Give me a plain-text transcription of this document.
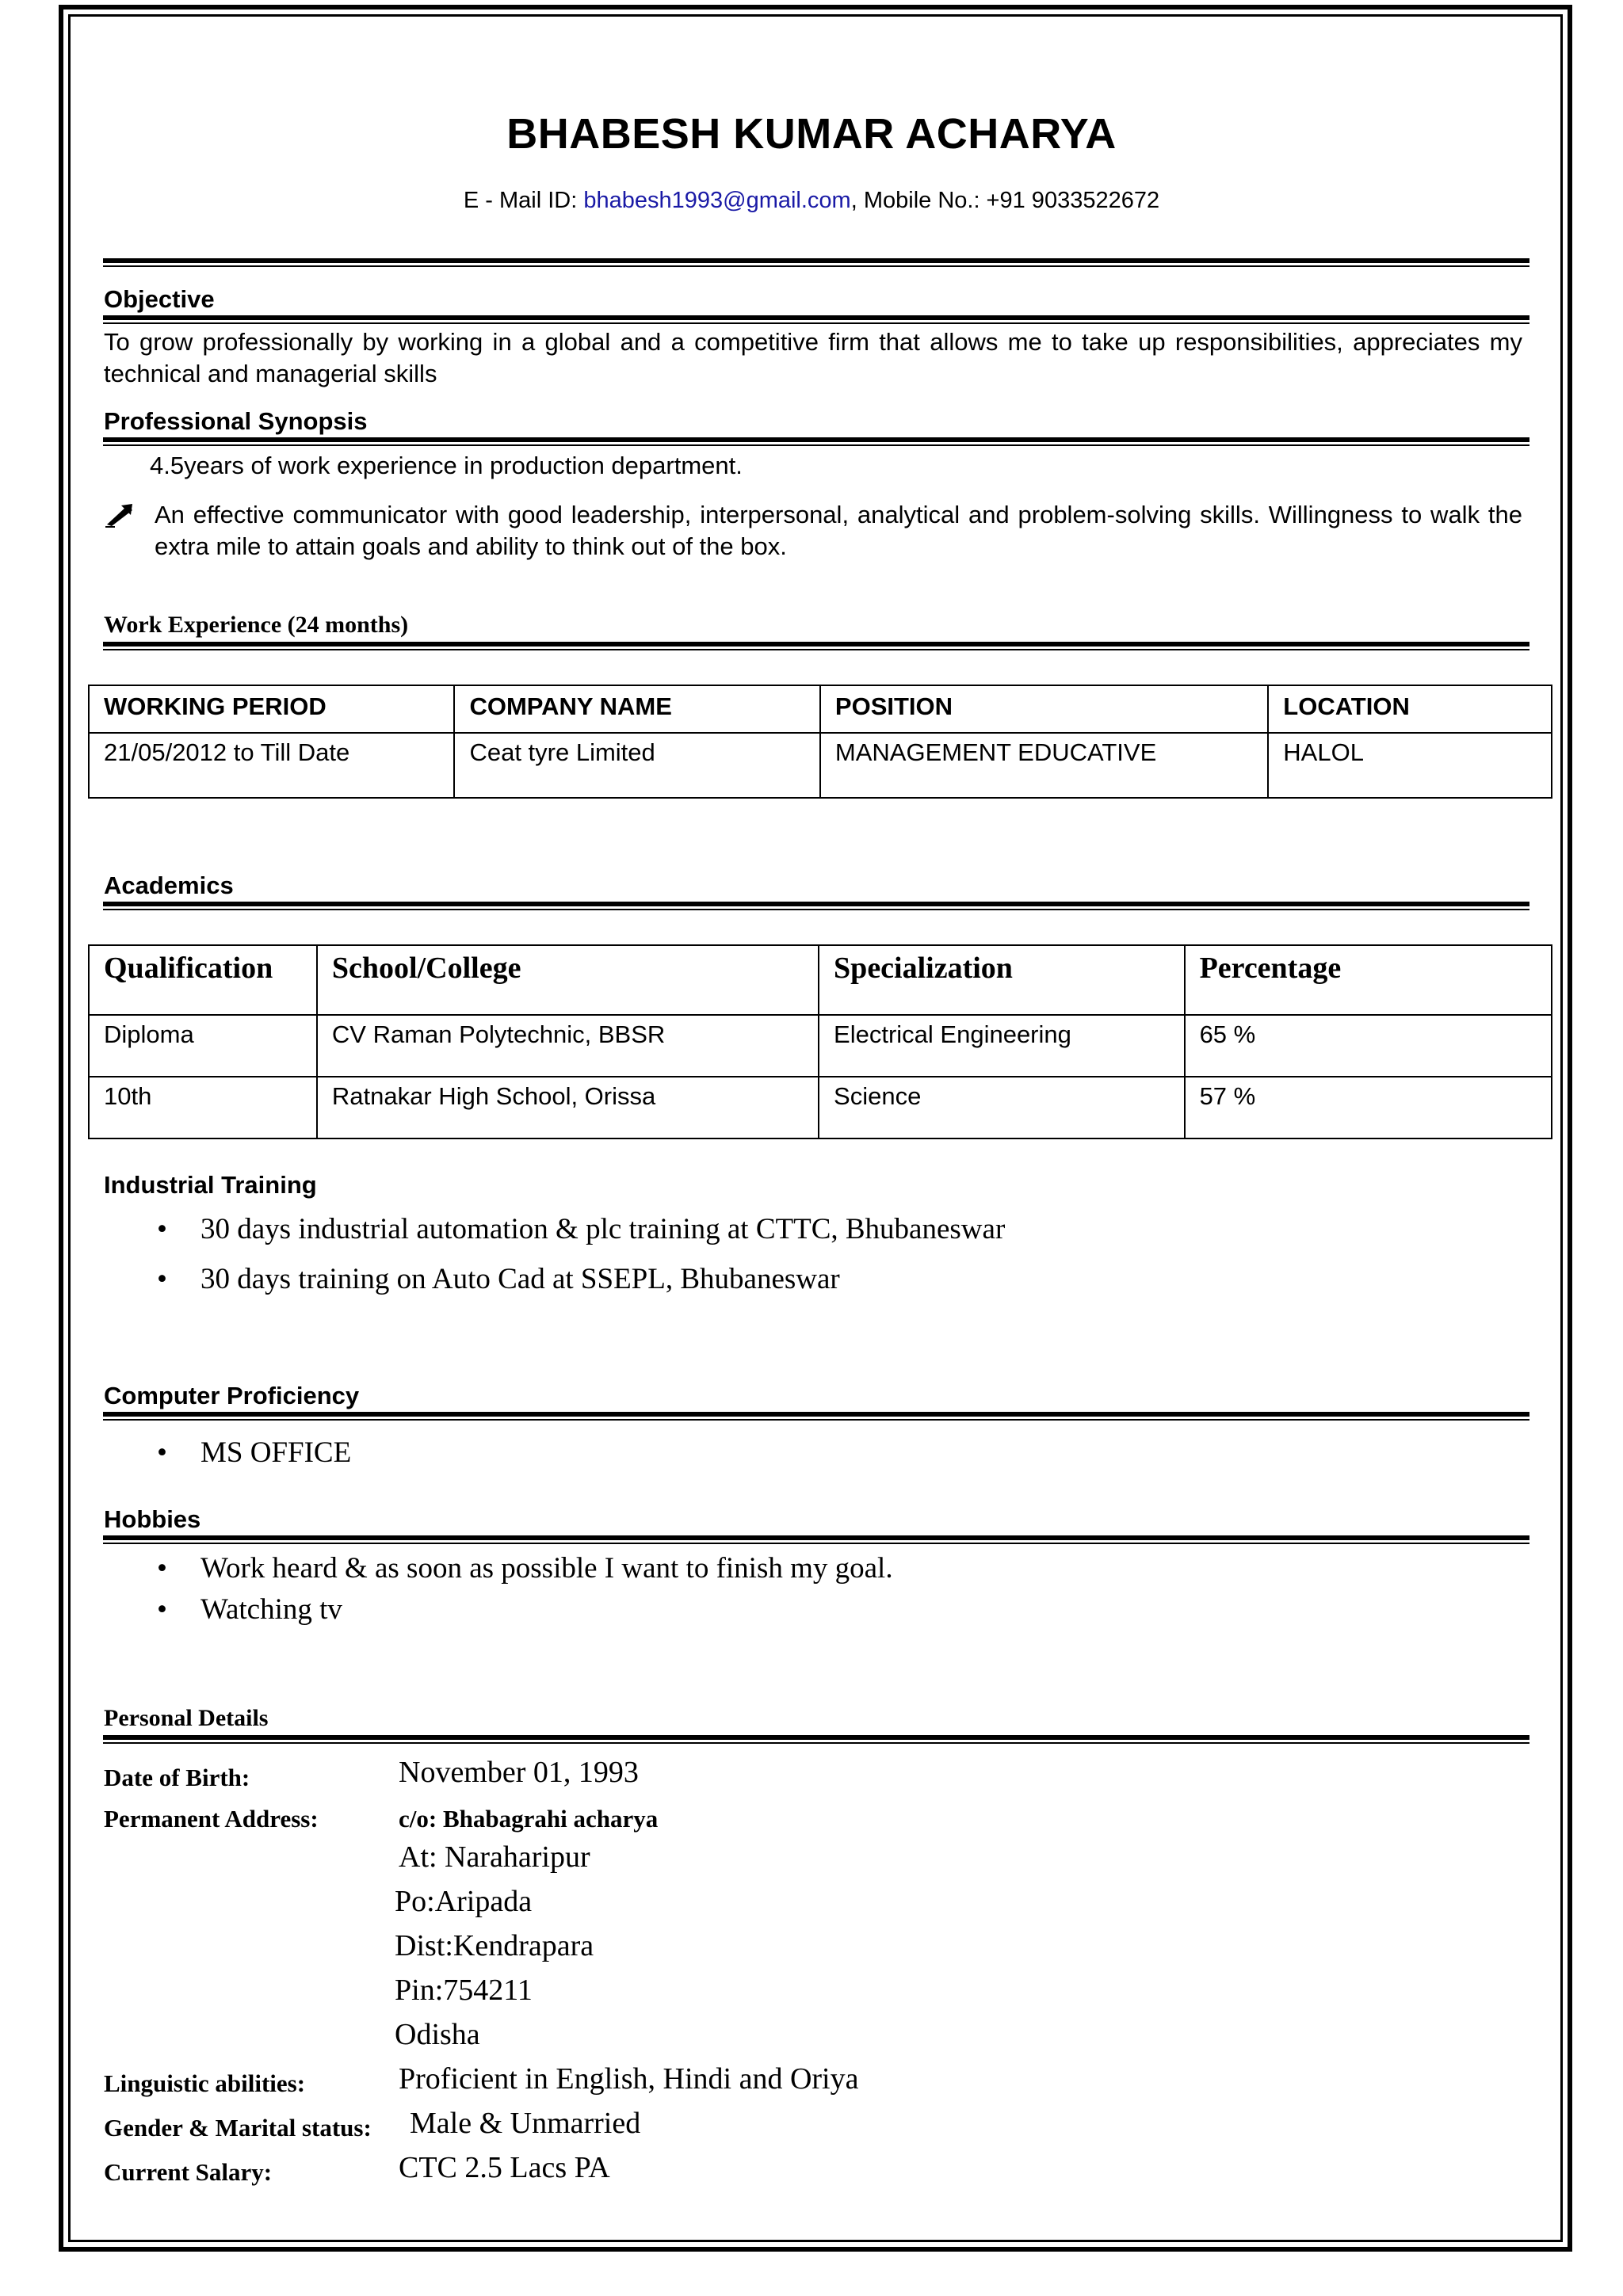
BHABESH KUMAR ACHARYA
E - Mail ID: bhabesh1993@gmail.com, Mobile No.: +91 9033522672
Objective
To grow professionally by working in a global and a competitive firm that allows me to take up responsibilities, appreciates my technical and managerial skills
Professional Synopsis
4.5years of work experience in production department.
An effective communicator with good leadership, interpersonal, analytical and problem-solving skills. Willingness to walk the extra mile to attain goals and ability to think out of the box.
Work Experience (24 months)
WORKING PERIOD	COMPANY NAME	POSITION	LOCATION
21/05/2012 to Till Date	Ceat tyre Limited	MANAGEMENT EDUCATIVE	HALOL
Academics
Qualification	School/College	Specialization	Percentage
Diploma	CV Raman Polytechnic, BBSR	Electrical Engineering	65 %
10th	Ratnakar High School, Orissa	Science	57 %
Industrial Training
• 30 days industrial automation & plc training at CTTC, Bhubaneswar
• 30 days training on Auto Cad at SSEPL, Bhubaneswar
Computer Proficiency
• MS OFFICE
Hobbies
• Work heard & as soon as possible I want to finish my goal.
• Watching tv
Personal Details
Date of Birth:	November 01, 1993
Permanent Address:	c/o: Bhabagrahi acharya
At: Naraharipur
Po:Aripada
Dist:Kendrapara
Pin:754211
Odisha
Linguistic abilities:	Proficient in English, Hindi and Oriya
Gender & Marital status: Male & Unmarried
Current Salary:	CTC 2.5 Lacs PA
